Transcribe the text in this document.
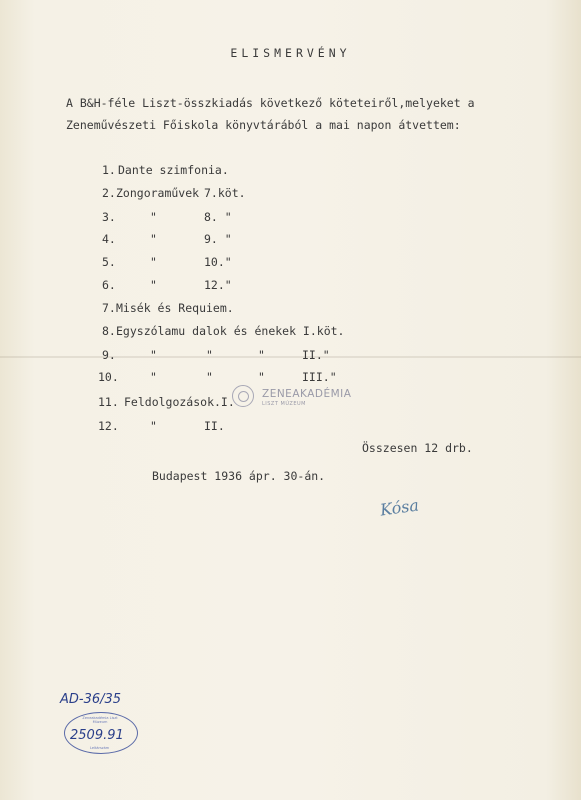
ELISMERVÉNY
A B&H-féle Liszt-összkiadás következő köteteiről,melyeket a Zeneművészeti Főiskola könyvtárából a mai napon átvettem:
1. Dante szimfonia.
2. Zongoraművek 7.köt.
3.	"	8. "
4.	"	9. "
5.	"	10."
6.	"	12."
7. Misék és Requiem.
8. Egyszólamu dalok és énekek I.köt.
9.	"	"	"	II."
10.	"	"	"	III."
11. Feldolgozások.I.
12.	"	II.
Összesen 12 drb.
Budapest 1936 ápr. 30-án.
Kósa
ZENEAKADÉMIA
LISZT MÚZEUM
AD-36/35
Zeneakadémia Liszt Múzeum
2509.91
Leltárszám
